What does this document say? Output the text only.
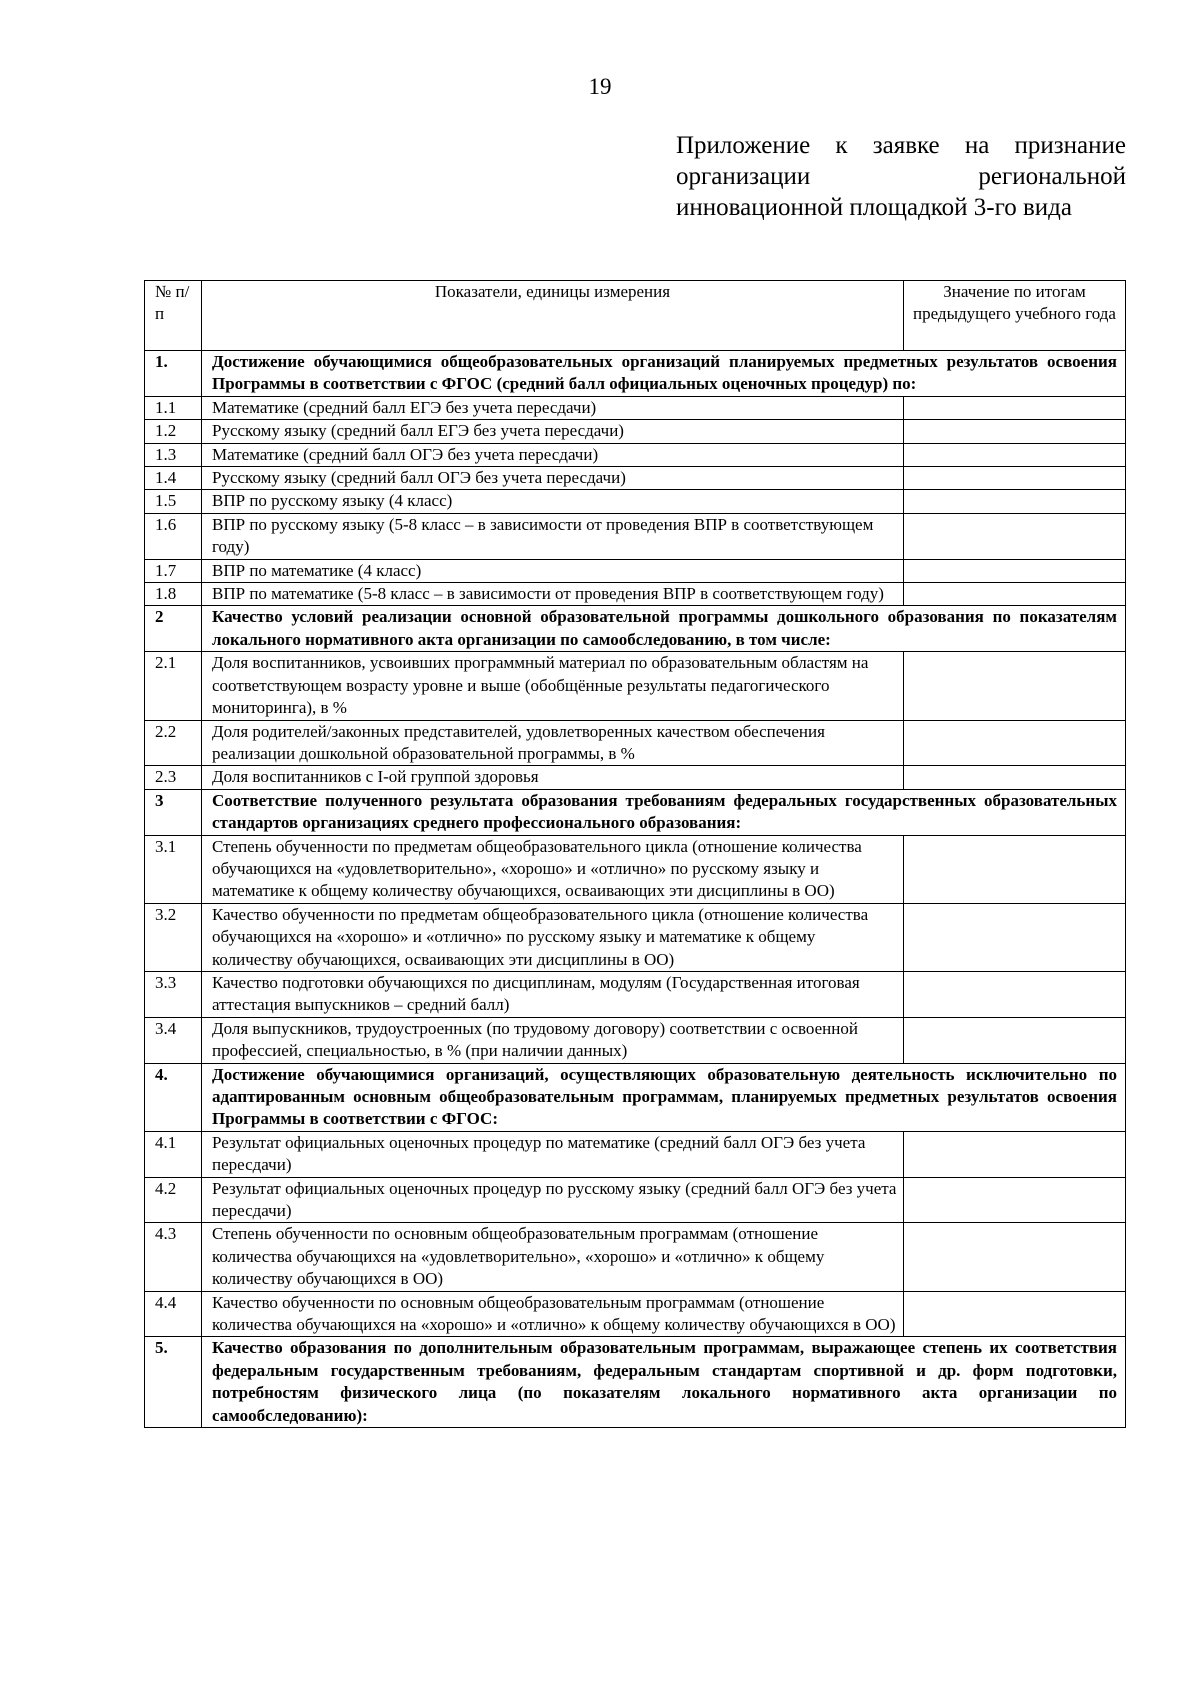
19
Приложение к заявке на признание организации региональной инновационной площадкой 3-го вида
№ п/п	Показатели, единицы измерения	Значение по итогам предыдущего учебного года
1.	Достижение обучающимися общеобразовательных организаций планируемых предметных результатов освоения Программы в соответствии с ФГОС (средний балл официальных оценочных процедур) по:	
1.1	Математике (средний балл ЕГЭ без учета пересдачи)	
1.2	Русскому языку (средний балл ЕГЭ без учета пересдачи)	
1.3	Математике (средний балл ОГЭ без учета пересдачи)	
1.4	Русскому языку (средний балл ОГЭ без учета пересдачи)	
1.5	ВПР по русскому языку (4 класс)	
1.6	ВПР по русскому языку (5-8 класс – в зависимости от проведения ВПР в соответствующем году)	
1.7	ВПР по математике (4 класс)	
1.8	ВПР по математике (5-8 класс – в зависимости от проведения ВПР в соответствующем году)	
2	Качество условий реализации основной образовательной программы дошкольного образования по показателям локального нормативного акта организации по самообследованию, в том числе:	
2.1	Доля воспитанников, усвоивших программный материал по образовательным областям на соответствующем возрасту уровне и выше (обобщённые результаты педагогического мониторинга), в %	
2.2	Доля родителей/законных представителей, удовлетворенных качеством обеспечения реализации дошкольной образовательной программы, в %	
2.3	Доля воспитанников с I-ой группой здоровья	
3	Соответствие полученного результата образования требованиям федеральных государственных образовательных стандартов организациях среднего профессионального образования:	
3.1	Степень обученности по предметам общеобразовательного цикла (отношение количества обучающихся на «удовлетворительно», «хорошо» и «отлично» по русскому языку и математике к общему количеству обучающихся, осваивающих эти дисциплины в ОО)	
3.2	Качество обученности по предметам общеобразовательного цикла (отношение количества обучающихся на «хорошо» и «отлично» по русскому языку и математике к общему количеству обучающихся, осваивающих эти дисциплины в ОО)	
3.3	Качество подготовки обучающихся по дисциплинам, модулям (Государственная итоговая аттестация выпускников – средний балл)	
3.4	Доля выпускников, трудоустроенных (по трудовому договору) соответствии с освоенной профессией, специальностью, в % (при наличии данных)	
4.	Достижение обучающимися организаций, осуществляющих образовательную деятельность исключительно по адаптированным основным общеобразовательным программам, планируемых предметных результатов освоения Программы в соответствии с ФГОС:	
4.1	Результат официальных оценочных процедур по математике (средний балл ОГЭ без учета пересдачи)	
4.2	Результат официальных оценочных процедур по русскому языку (средний балл ОГЭ без учета пересдачи)	
4.3	Степень обученности по основным общеобразовательным программам (отношение количества обучающихся на «удовлетворительно», «хорошо» и «отлично» к общему количеству обучающихся в ОО)	
4.4	Качество обученности по основным общеобразовательным программам (отношение количества обучающихся на «хорошо» и «отлично» к общему количеству обучающихся в ОО)	
5.	Качество образования по дополнительным образовательным программам, выражающее степень их соответствия федеральным государственным требованиям, федеральным стандартам спортивной и др. форм подготовки, потребностям физического лица (по показателям локального нормативного акта организации по самообследованию):	
